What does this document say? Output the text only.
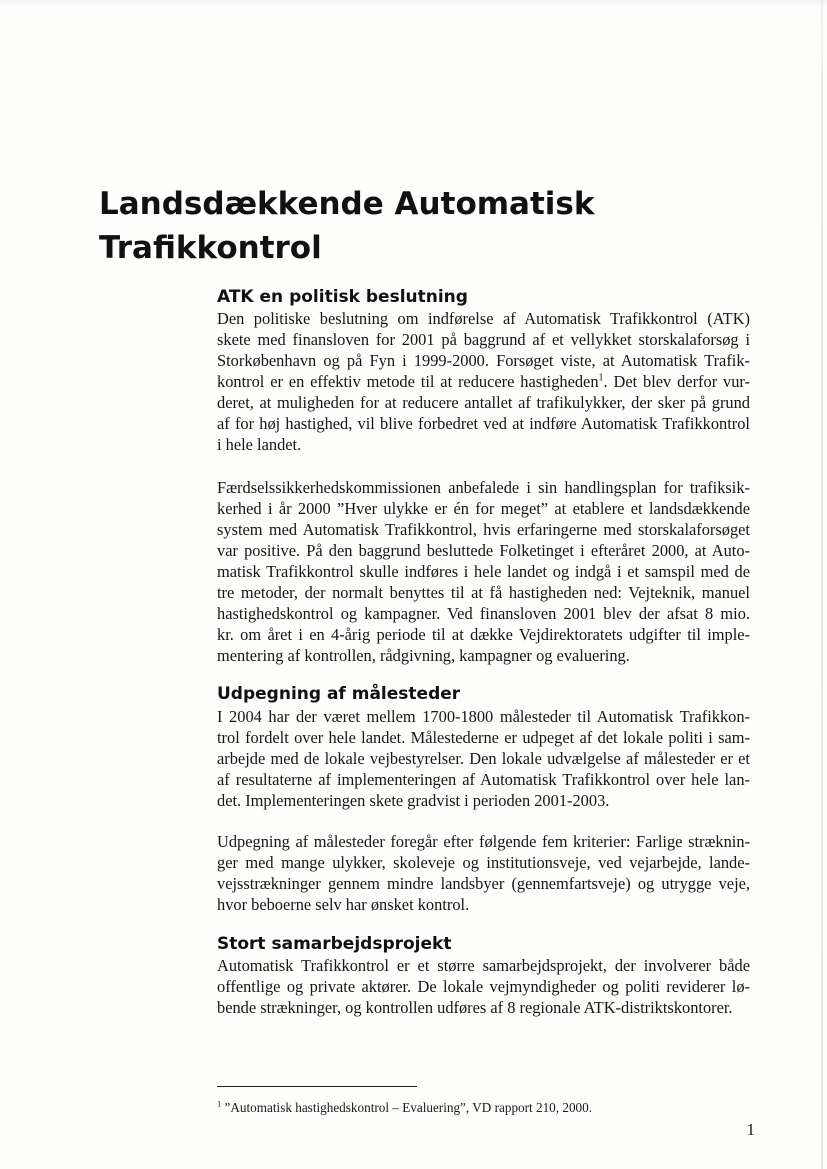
Landsdækkende Automatisk
Trafikkontrol
ATK en politisk beslutning

Den politiske beslutning om indførelse af Automatisk Trafikkontrol (ATK)
skete med finansloven for 2001 på baggrund af et vellykket storskalaforsøg i
Storkøbenhavn og på Fyn i 1999-2000. Forsøget viste, at Automatisk Trafik-
kontrol er en effektiv metode til at reducere hastigheden$^1$. Det blev derfor vur-
deret, at muligheden for at reducere antallet af trafikulykker, der sker på grund
af for høj hastighed, vil blive forbedret ved at indføre Automatisk Trafikkontrol
i hele landet.

Færdselssikkerhedskommissionen anbefalede i sin handlingsplan for trafiksik-
kerhed i år 2000 ”Hver ulykke er én for meget” at etablere et landsdækkende
system med Automatisk Trafikkontrol, hvis erfaringerne med storskalaforsøget
var positive. På den baggrund besluttede Folketinget i efteråret 2000, at Auto-
matisk Trafikkontrol skulle indføres i hele landet og indgå i et samspil med de
tre metoder, der normalt benyttes til at få hastigheden ned: Vejteknik, manuel
hastighedskontrol og kampagner. Ved finansloven 2001 blev der afsat 8 mio.
kr. om året i en 4-årig periode til at dække Vejdirektoratets udgifter til imple-
mentering af kontrollen, rådgivning, kampagner og evaluering.

Udpegning af målesteder

I 2004 har der været mellem 1700-1800 målesteder til Automatisk Trafikkon-
trol fordelt over hele landet. Målestederne er udpeget af det lokale politi i sam-
arbejde med de lokale vejbestyrelser. Den lokale udvælgelse af målesteder er et
af resultaterne af implementeringen af Automatisk Trafikkontrol over hele lan-
det. Implementeringen skete gradvist i perioden 2001-2003.

Udpegning af målesteder foregår efter følgende fem kriterier: Farlige stræknin-
ger med mange ulykker, skoleveje og institutionsveje, ved vejarbejde, lande-
vejsstrækninger gennem mindre landsbyer (gennemfartsveje) og utrygge veje,
hvor beboerne selv har ønsket kontrol.

Stort samarbejdsprojekt

Automatisk Trafikkontrol er et større samarbejdsprojekt, der involverer både
offentlige og private aktører. De lokale vejmyndigheder og politi reviderer lø-
bende strækninger, og kontrollen udføres af 8 regionale ATK-distriktskontorer.

$^1$ ”Automatisk hastighedskontrol – Evaluering”, VD rapport 210, 2000.
1
